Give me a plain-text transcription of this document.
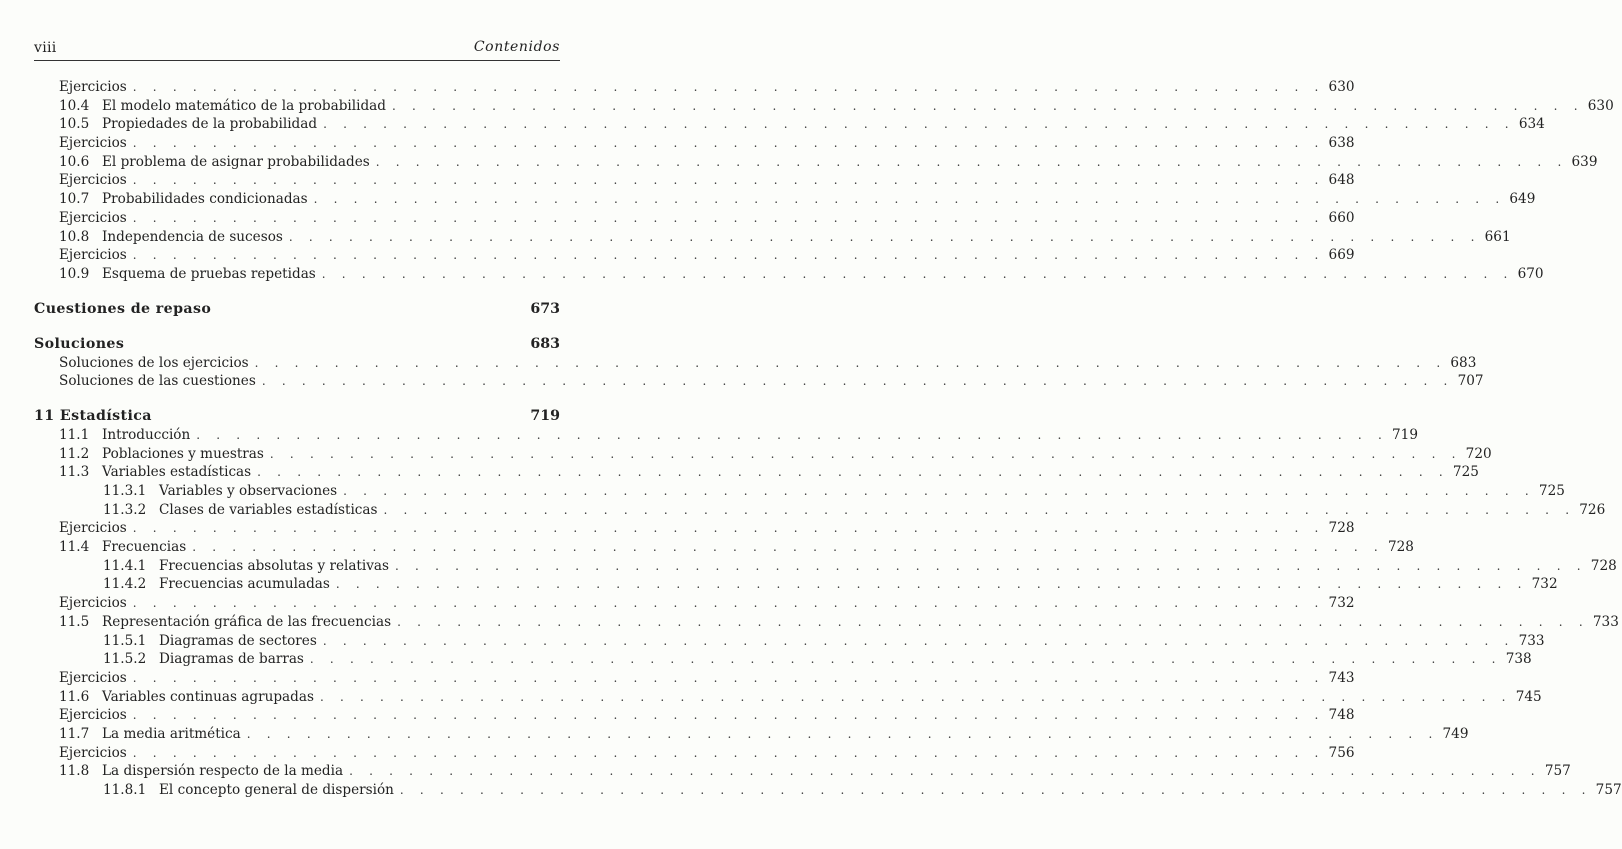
viii	Contenidos
Ejercicios . . . . . . . . . . . . . . . . . . . . . . . . . . . . . . . . . . . . . . . . . . . . . . . . . . . . . . . . . . . . 630
10.4 El modelo matemático de la probabilidad . . . . . . . . . . . . . . . . . . . . . . . . . . . . . . . . . . . . . . . . . . . . . . . . . . . . . . . . . . . . 630
10.5 Propiedades de la probabilidad . . . . . . . . . . . . . . . . . . . . . . . . . . . . . . . . . . . . . . . . . . . . . . . . . . . . . . . . . . . . 634
Ejercicios . . . . . . . . . . . . . . . . . . . . . . . . . . . . . . . . . . . . . . . . . . . . . . . . . . . . . . . . . . . . 638
10.6 El problema de asignar probabilidades . . . . . . . . . . . . . . . . . . . . . . . . . . . . . . . . . . . . . . . . . . . . . . . . . . . . . . . . . . . . 639
Ejercicios . . . . . . . . . . . . . . . . . . . . . . . . . . . . . . . . . . . . . . . . . . . . . . . . . . . . . . . . . . . . 648
10.7 Probabilidades condicionadas . . . . . . . . . . . . . . . . . . . . . . . . . . . . . . . . . . . . . . . . . . . . . . . . . . . . . . . . . . . . 649
Ejercicios . . . . . . . . . . . . . . . . . . . . . . . . . . . . . . . . . . . . . . . . . . . . . . . . . . . . . . . . . . . . 660
10.8 Independencia de sucesos . . . . . . . . . . . . . . . . . . . . . . . . . . . . . . . . . . . . . . . . . . . . . . . . . . . . . . . . . . . . 661
Ejercicios . . . . . . . . . . . . . . . . . . . . . . . . . . . . . . . . . . . . . . . . . . . . . . . . . . . . . . . . . . . . 669
10.9 Esquema de pruebas repetidas . . . . . . . . . . . . . . . . . . . . . . . . . . . . . . . . . . . . . . . . . . . . . . . . . . . . . . . . . . . . 670
Cuestiones de repaso	673
Soluciones	683
Soluciones de los ejercicios . . . . . . . . . . . . . . . . . . . . . . . . . . . . . . . . . . . . . . . . . . . . . . . . . . . . . . . . . . . . 683
Soluciones de las cuestiones . . . . . . . . . . . . . . . . . . . . . . . . . . . . . . . . . . . . . . . . . . . . . . . . . . . . . . . . . . . . 707
11 Estadística	719
11.1 Introducción . . . . . . . . . . . . . . . . . . . . . . . . . . . . . . . . . . . . . . . . . . . . . . . . . . . . . . . . . . . . 719
11.2 Poblaciones y muestras . . . . . . . . . . . . . . . . . . . . . . . . . . . . . . . . . . . . . . . . . . . . . . . . . . . . . . . . . . . . 720
11.3 Variables estadísticas . . . . . . . . . . . . . . . . . . . . . . . . . . . . . . . . . . . . . . . . . . . . . . . . . . . . . . . . . . . . 725
11.3.1 Variables y observaciones . . . . . . . . . . . . . . . . . . . . . . . . . . . . . . . . . . . . . . . . . . . . . . . . . . . . . . . . . . . . 725
11.3.2 Clases de variables estadísticas . . . . . . . . . . . . . . . . . . . . . . . . . . . . . . . . . . . . . . . . . . . . . . . . . . . . . . . . . . . . 726
Ejercicios . . . . . . . . . . . . . . . . . . . . . . . . . . . . . . . . . . . . . . . . . . . . . . . . . . . . . . . . . . . . 728
11.4 Frecuencias . . . . . . . . . . . . . . . . . . . . . . . . . . . . . . . . . . . . . . . . . . . . . . . . . . . . . . . . . . . . 728
11.4.1 Frecuencias absolutas y relativas . . . . . . . . . . . . . . . . . . . . . . . . . . . . . . . . . . . . . . . . . . . . . . . . . . . . . . . . . . . . 728
11.4.2 Frecuencias acumuladas . . . . . . . . . . . . . . . . . . . . . . . . . . . . . . . . . . . . . . . . . . . . . . . . . . . . . . . . . . . . 732
Ejercicios . . . . . . . . . . . . . . . . . . . . . . . . . . . . . . . . . . . . . . . . . . . . . . . . . . . . . . . . . . . . 732
11.5 Representación gráfica de las frecuencias . . . . . . . . . . . . . . . . . . . . . . . . . . . . . . . . . . . . . . . . . . . . . . . . . . . . . . . . . . . . 733
11.5.1 Diagramas de sectores . . . . . . . . . . . . . . . . . . . . . . . . . . . . . . . . . . . . . . . . . . . . . . . . . . . . . . . . . . . . 733
11.5.2 Diagramas de barras . . . . . . . . . . . . . . . . . . . . . . . . . . . . . . . . . . . . . . . . . . . . . . . . . . . . . . . . . . . . 738
Ejercicios . . . . . . . . . . . . . . . . . . . . . . . . . . . . . . . . . . . . . . . . . . . . . . . . . . . . . . . . . . . . 743
11.6 Variables continuas agrupadas . . . . . . . . . . . . . . . . . . . . . . . . . . . . . . . . . . . . . . . . . . . . . . . . . . . . . . . . . . . . 745
Ejercicios . . . . . . . . . . . . . . . . . . . . . . . . . . . . . . . . . . . . . . . . . . . . . . . . . . . . . . . . . . . . 748
11.7 La media aritmética . . . . . . . . . . . . . . . . . . . . . . . . . . . . . . . . . . . . . . . . . . . . . . . . . . . . . . . . . . . . 749
Ejercicios . . . . . . . . . . . . . . . . . . . . . . . . . . . . . . . . . . . . . . . . . . . . . . . . . . . . . . . . . . . . 756
11.8 La dispersión respecto de la media . . . . . . . . . . . . . . . . . . . . . . . . . . . . . . . . . . . . . . . . . . . . . . . . . . . . . . . . . . . . 757
11.8.1 El concepto general de dispersión . . . . . . . . . . . . . . . . . . . . . . . . . . . . . . . . . . . . . . . . . . . . . . . . . . . . . . . . . . . . 757
